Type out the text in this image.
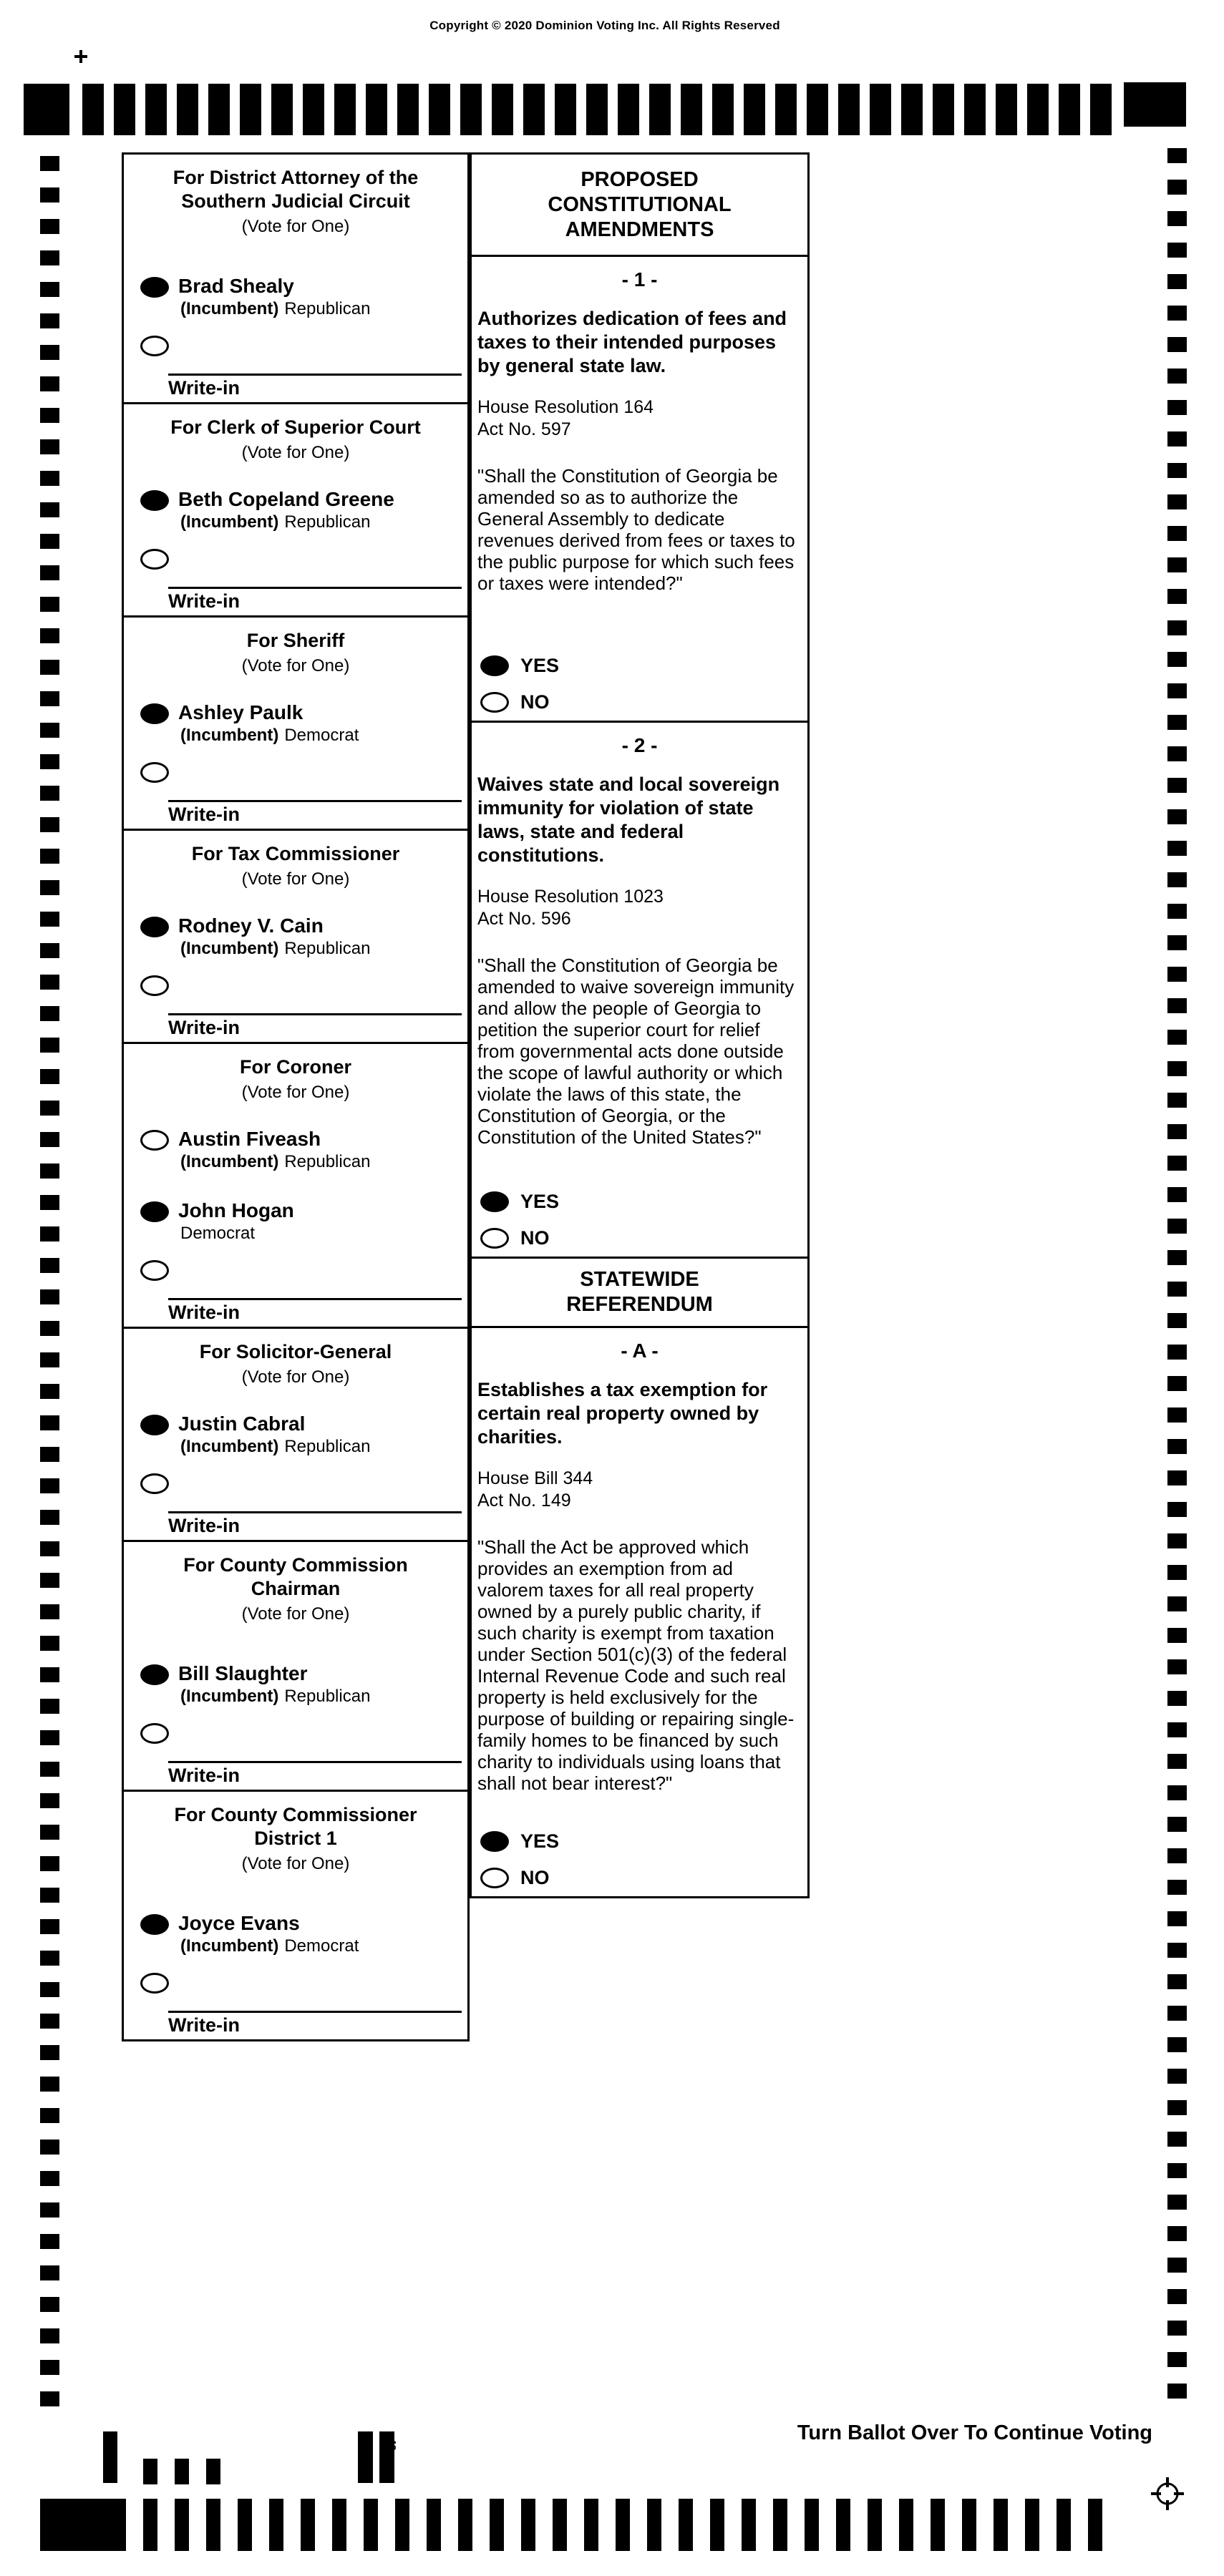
Copyright © 2020 Dominion Voting Inc. All Rights Reserved
42
Turn Ballot Over To Continue Voting
For District Attorney of the
Southern Judicial Circuit
(Vote for One)
Brad Shealy
(Incumbent) Republican
Write-in
For Clerk of Superior Court
(Vote for One)
Beth Copeland Greene
(Incumbent) Republican
Write-in
For Sheriff
(Vote for One)
Ashley Paulk
(Incumbent) Democrat
Write-in
For Tax Commissioner
(Vote for One)
Rodney V. Cain
(Incumbent) Republican
Write-in
For Coroner
(Vote for One)
Austin Fiveash
(Incumbent) Republican
John Hogan
Democrat
Write-in
For Solicitor-General
(Vote for One)
Justin Cabral
(Incumbent) Republican
Write-in
For County Commission
Chairman
(Vote for One)
Bill Slaughter
(Incumbent) Republican
Write-in
For County Commissioner
District 1
(Vote for One)
Joyce Evans
(Incumbent) Democrat
Write-in
PROPOSED
CONSTITUTIONAL
AMENDMENTS
- 1 -
Authorizes dedication of fees and taxes to their intended purposes by general state law.
House Resolution 164
Act No. 597
"Shall the Constitution of Georgia be amended so as to authorize the General Assembly to dedicate revenues derived from fees or taxes to the public purpose for which such fees or taxes were intended?"
YES
NO
- 2 -
Waives state and local sovereign immunity for violation of state laws, state and federal constitutions.
House Resolution 1023
Act No. 596
"Shall the Constitution of Georgia be amended to waive sovereign immunity and allow the people of Georgia to petition the superior court for relief from governmental acts done outside the scope of lawful authority or which violate the laws of this state, the Constitution of Georgia, or the Constitution of the United States?"
YES
NO
STATEWIDE
REFERENDUM
- A -
Establishes a tax exemption for certain real property owned by charities.
House Bill 344
Act No. 149
"Shall the Act be approved which provides an exemption from ad valorem taxes for all real property owned by a purely public charity, if such charity is exempt from taxation under Section 501(c)(3) of the federal Internal Revenue Code and such real property is held exclusively for the purpose of building or repairing single-family homes to be financed by such charity to individuals using loans that shall not bear interest?"
YES
NO
